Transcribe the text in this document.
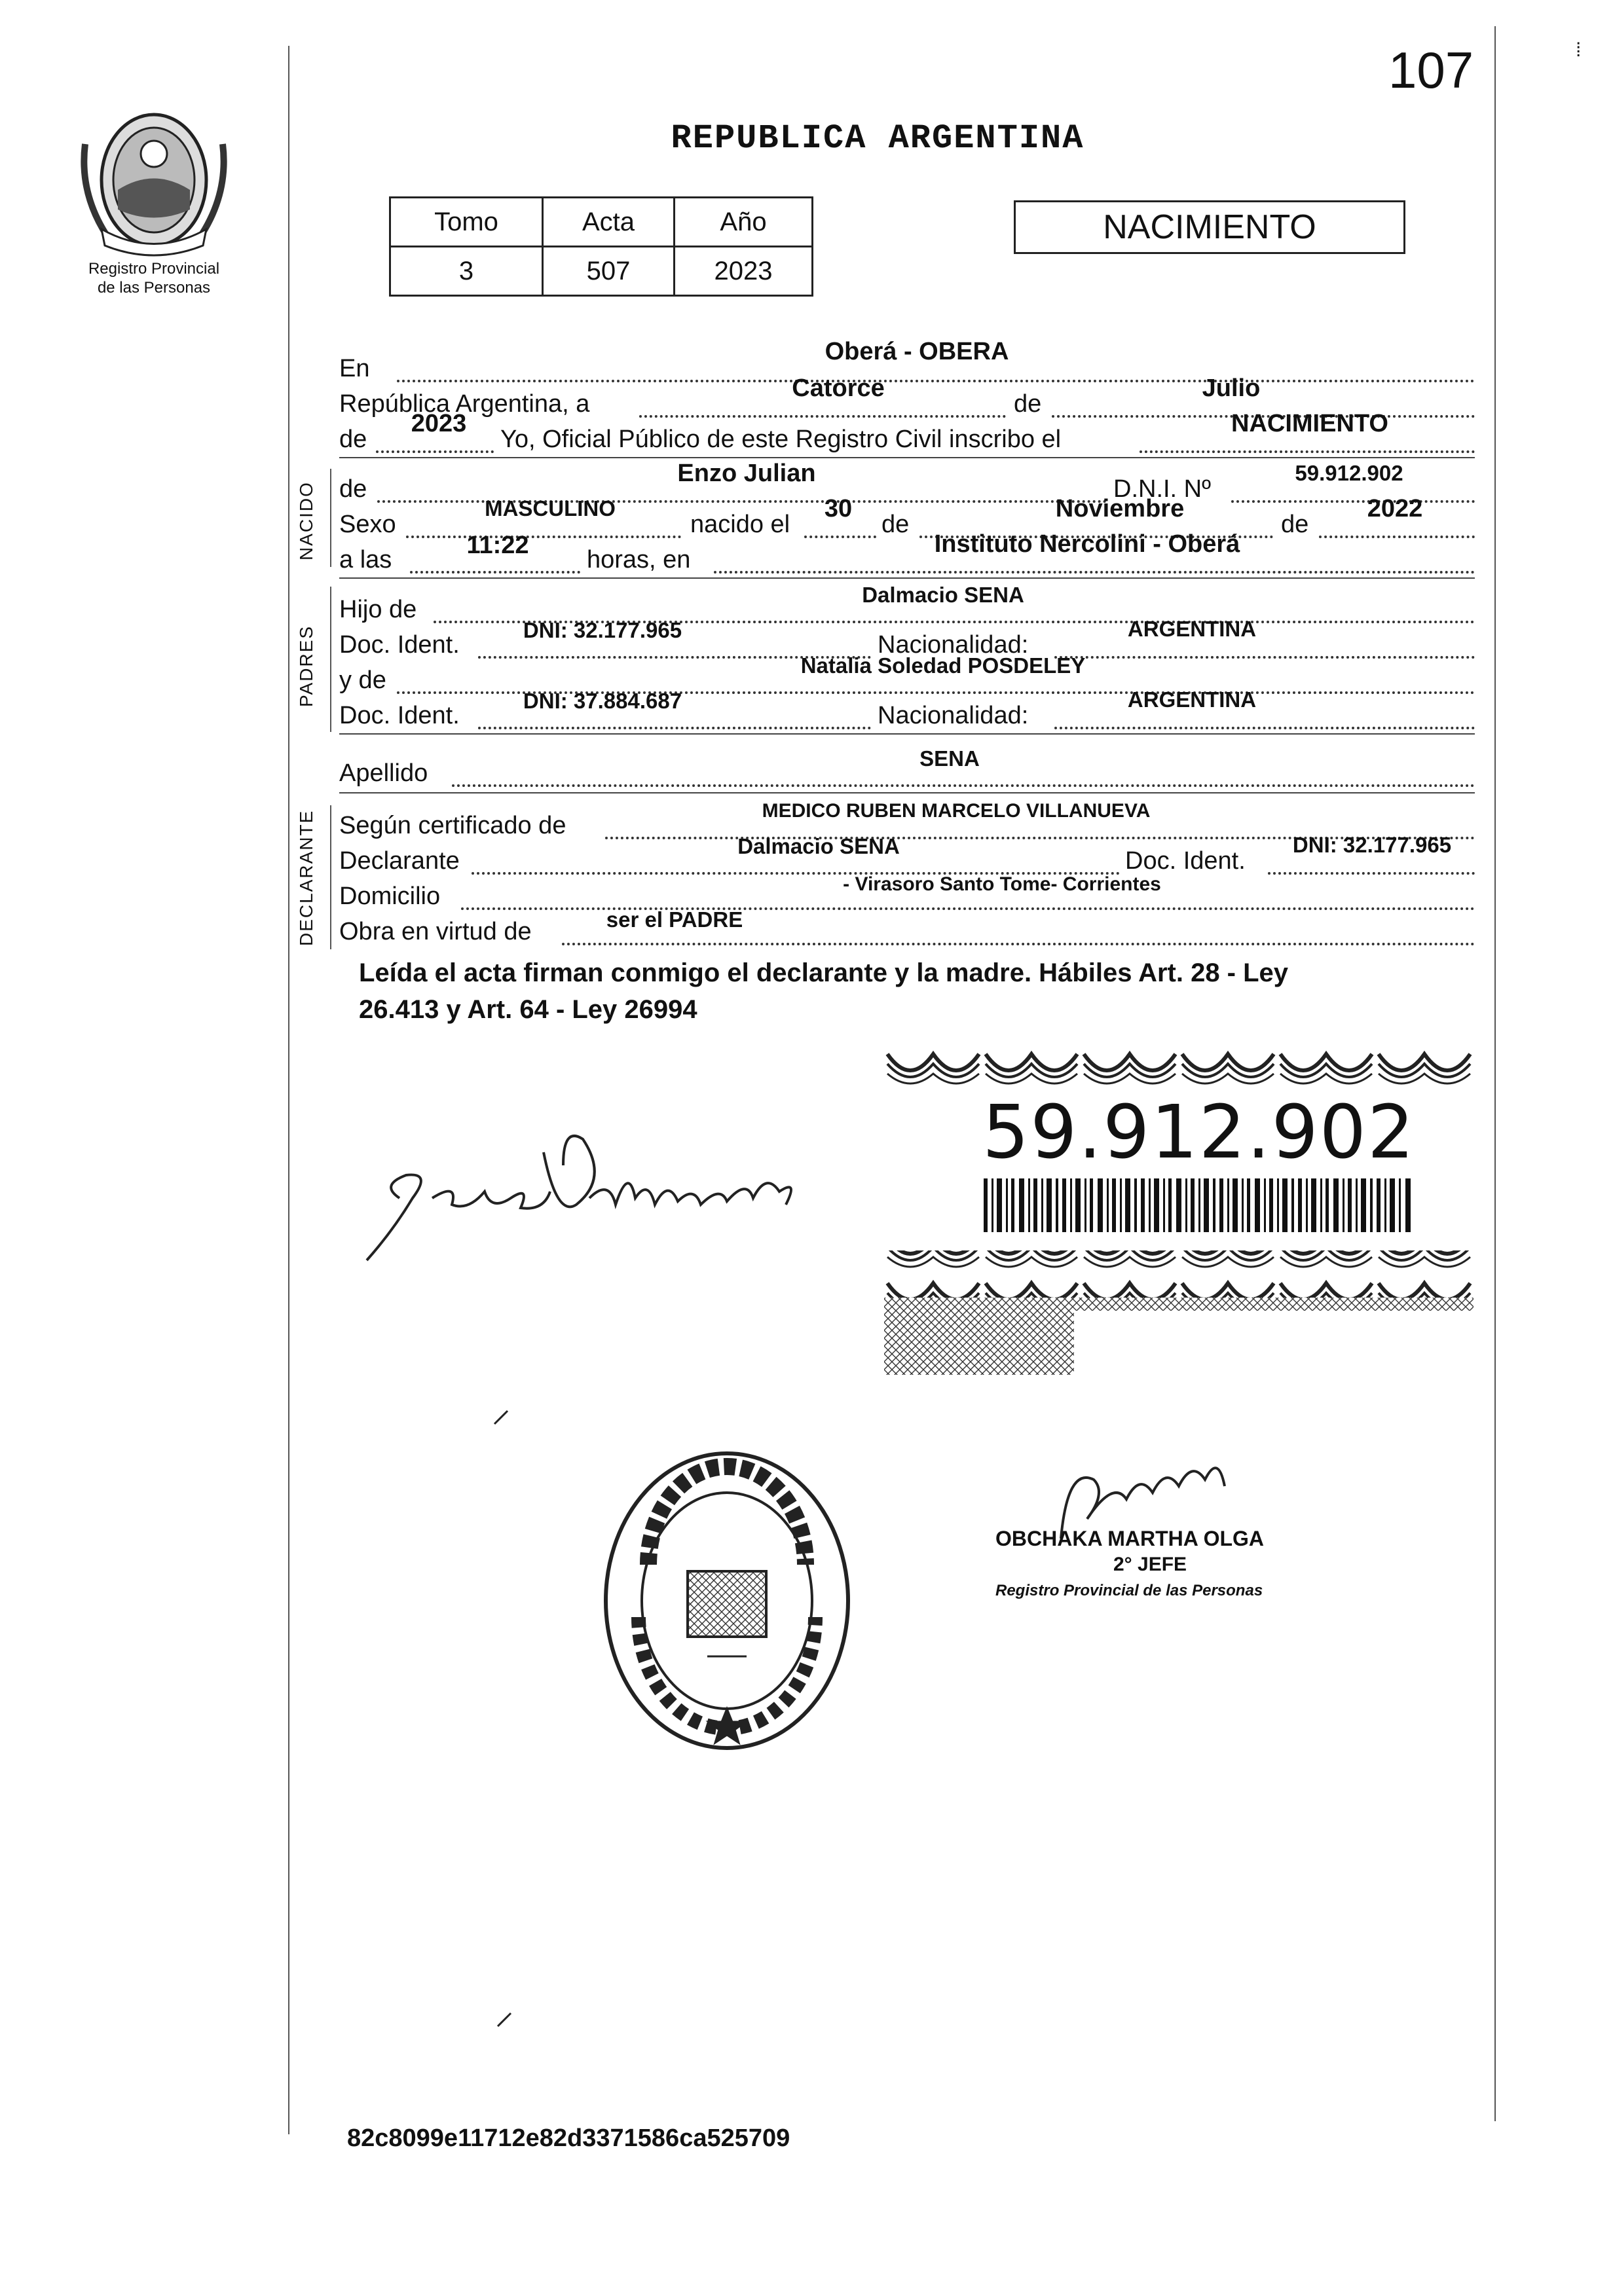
107	⁞
Registro Provincial
de las Personas
REPUBLICA ARGENTINA
Tomo	Acta	Año
3	507	2023
NACIMIENTO
En
Oberá - OBERA
República Argentina, a
Catorce
de
Julio
de
2023
Yo, Oficial Público de este Registro Civil inscribo el
NACIMIENTO
NACIDO de
Enzo Julian
D.N.I. Nº
59.912.902
Sexo
MASCULINO
nacido el
30
de
Noviembre
de
2022
a las
11:22
horas, en
Instituto Nercolini - Oberá
PADRES
Hijo de
Dalmacio SENA
Doc. Ident.
DNI: 32.177.965
Nacionalidad:
ARGENTINA
y de
Natalia Soledad POSDELEY
Doc. Ident.
DNI: 37.884.687
Nacionalidad:
ARGENTINA
Apellido
SENA
DECLARANTE Según certificado de
MEDICO RUBEN MARCELO VILLANUEVA
Declarante
Dalmacio SENA
Doc. Ident.
DNI: 32.177.965
Domicilio	- Virasoro Santo Tome- Corrientes
Obra en virtud de	ser el PADRE
Leída el acta firman conmigo el declarante y la madre. Hábiles Art. 28 - Ley
26.413 y Art. 64 - Ley 26994
59.912.902
OBCHAKA MARTHA OLGA
2° JEFE
Registro Provincial de las Personas
82c8099e11712e82d3371586ca525709
